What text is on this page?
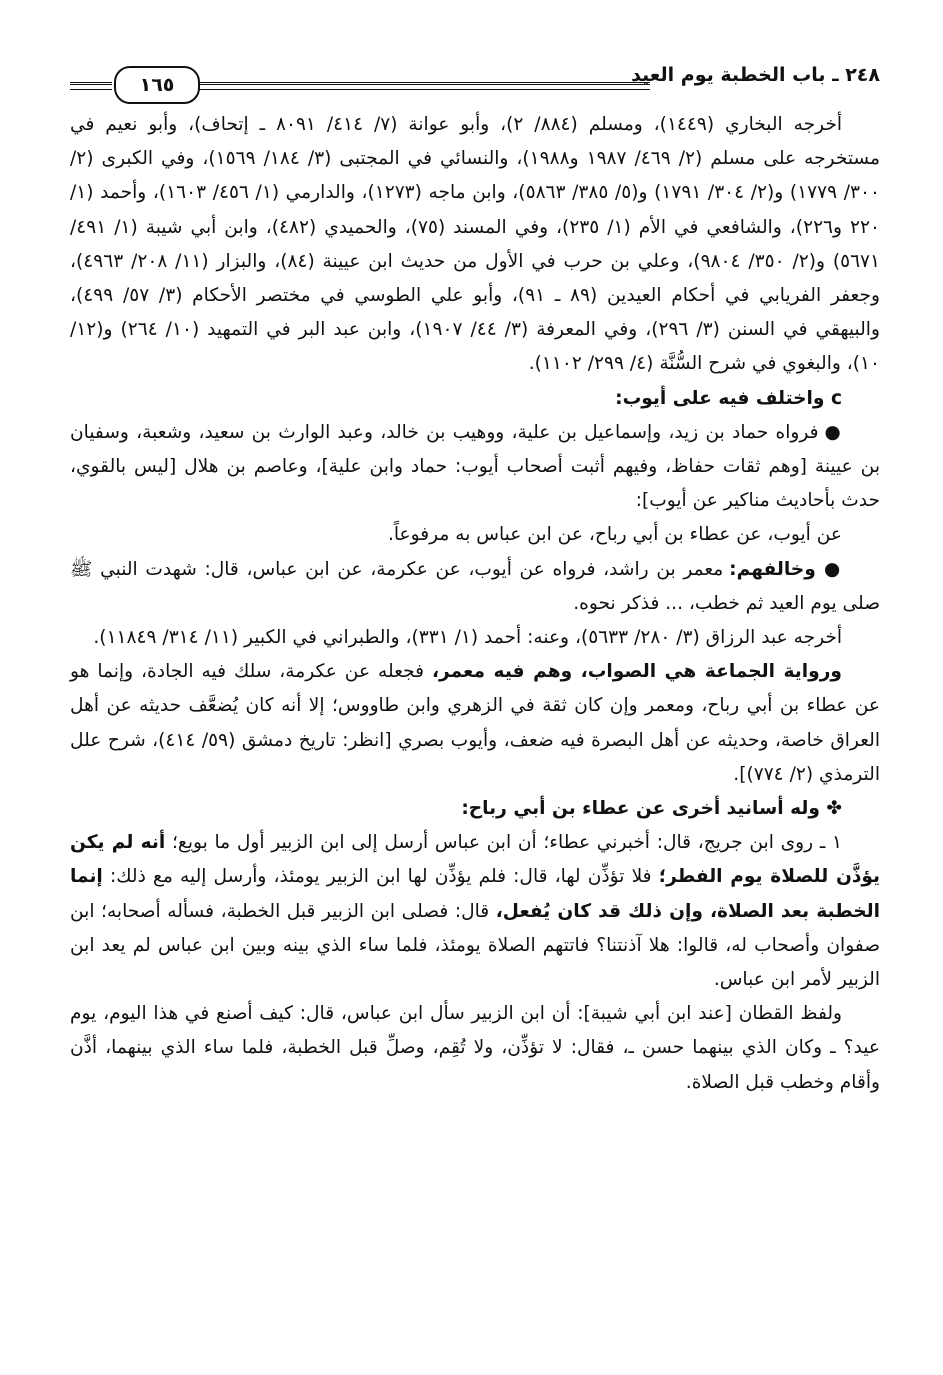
٢٤٨ ـ باب الخطبة يوم العيد
١٦٥

أخرجه البخاري (١٤٤٩)، ومسلم (٨٨٤/ ٢)، وأبو عوانة (٧/ ٤١٤/ ٨٠٩١ ـ إتحاف)، وأبو نعيم في مستخرجه على مسلم (٢/ ٤٦٩/ ١٩٨٧ و١٩٨٨)، والنسائي في المجتبى (٣/ ١٨٤/ ١٥٦٩)، وفي الكبرى (٢/ ٣٠٠/ ١٧٧٩) و(٢/ ٣٠٤/ ١٧٩١) و(٥/ ٣٨٥/ ٥٨٦٣)، وابن ماجه (١٢٧٣)، والدارمي (١/ ٤٥٦/ ١٦٠٣)، وأحمد (١/ ٢٢٠ و٢٢٦)، والشافعي في الأم (١/ ٢٣٥)، وفي المسند (٧٥)، والحميدي (٤٨٢)، وابن أبي شيبة (١/ ٤٩١/ ٥٦٧١) و(٢/ ٣٥٠/ ٩٨٠٤)، وعلي بن حرب في الأول من حديث ابن عيينة (٨٤)، والبزار (١١/ ٢٠٨/ ٤٩٦٣)، وجعفر الفريابي في أحكام العيدين (٨٩ ـ ٩١)، وأبو علي الطوسي في مختصر الأحكام (٣/ ٥٧/ ٤٩٩)، والبيهقي في السنن (٣/ ٢٩٦)، وفي المعرفة (٣/ ٤٤/ ١٩٠٧)، وابن عبد البر في التمهيد (١٠/ ٢٦٤) و(١٢/ ١٠)، والبغوي في شرح السُّنَّة (٤/ ٢٩٩/ ١١٠٢).

c واختلف فيه على أيوب:

● فرواه حماد بن زيد، وإسماعيل بن علية، ووهيب بن خالد، وعبد الوارث بن سعيد، وشعبة، وسفيان بن عيينة [وهم ثقات حفاظ، وفيهم أثبت أصحاب أيوب: حماد وابن علية]، وعاصم بن هلال [ليس بالقوي، حدث بأحاديث مناكير عن أيوب]:

عن أيوب، عن عطاء بن أبي رباح، عن ابن عباس به مرفوعاً.

● وخالفهم: معمر بن راشد، فرواه عن أيوب، عن عكرمة، عن ابن عباس، قال: شهدت النبي ﷺ صلى يوم العيد ثم خطب، ... فذكر نحوه.

أخرجه عبد الرزاق (٣/ ٢٨٠/ ٥٦٣٣)، وعنه: أحمد (١/ ٣٣١)، والطبراني في الكبير (١١/ ٣١٤/ ١١٨٤٩).

ورواية الجماعة هي الصواب، وهم فيه معمر، فجعله عن عكرمة، سلك فيه الجادة، وإنما هو عن عطاء بن أبي رباح، ومعمر وإن كان ثقة في الزهري وابن طاووس؛ إلا أنه كان يُضعَّف حديثه عن أهل العراق خاصة، وحديثه عن أهل البصرة فيه ضعف، وأيوب بصري [انظر: تاريخ دمشق (٥٩/ ٤١٤)، شرح علل الترمذي (٢/ ٧٧٤)].

✤ وله أسانيد أخرى عن عطاء بن أبي رباح:

١ ـ روى ابن جريج، قال: أخبرني عطاء؛ أن ابن عباس أرسل إلى ابن الزبير أول ما بويع؛ أنه لم يكن يؤذَّن للصلاة يوم الفطر؛ فلا تؤذِّن لها، قال: فلم يؤذِّن لها ابن الزبير يومئذ، وأرسل إليه مع ذلك: إنما الخطبة بعد الصلاة، وإن ذلك قد كان يُفعل، قال: فصلى ابن الزبير قبل الخطبة، فسأله أصحابه؛ ابن صفوان وأصحاب له، قالوا: هلا آذنتنا؟ فاتتهم الصلاة يومئذ، فلما ساء الذي بينه وبين ابن عباس لم يعد ابن الزبير لأمر ابن عباس.

ولفظ القطان [عند ابن أبي شيبة]: أن ابن الزبير سأل ابن عباس، قال: كيف أصنع في هذا اليوم، يوم عيد؟ ـ وكان الذي بينهما حسن ـ، فقال: لا تؤذِّن، ولا تُقِم، وصلِّ قبل الخطبة، فلما ساء الذي بينهما، أذَّن وأقام وخطب قبل الصلاة.
